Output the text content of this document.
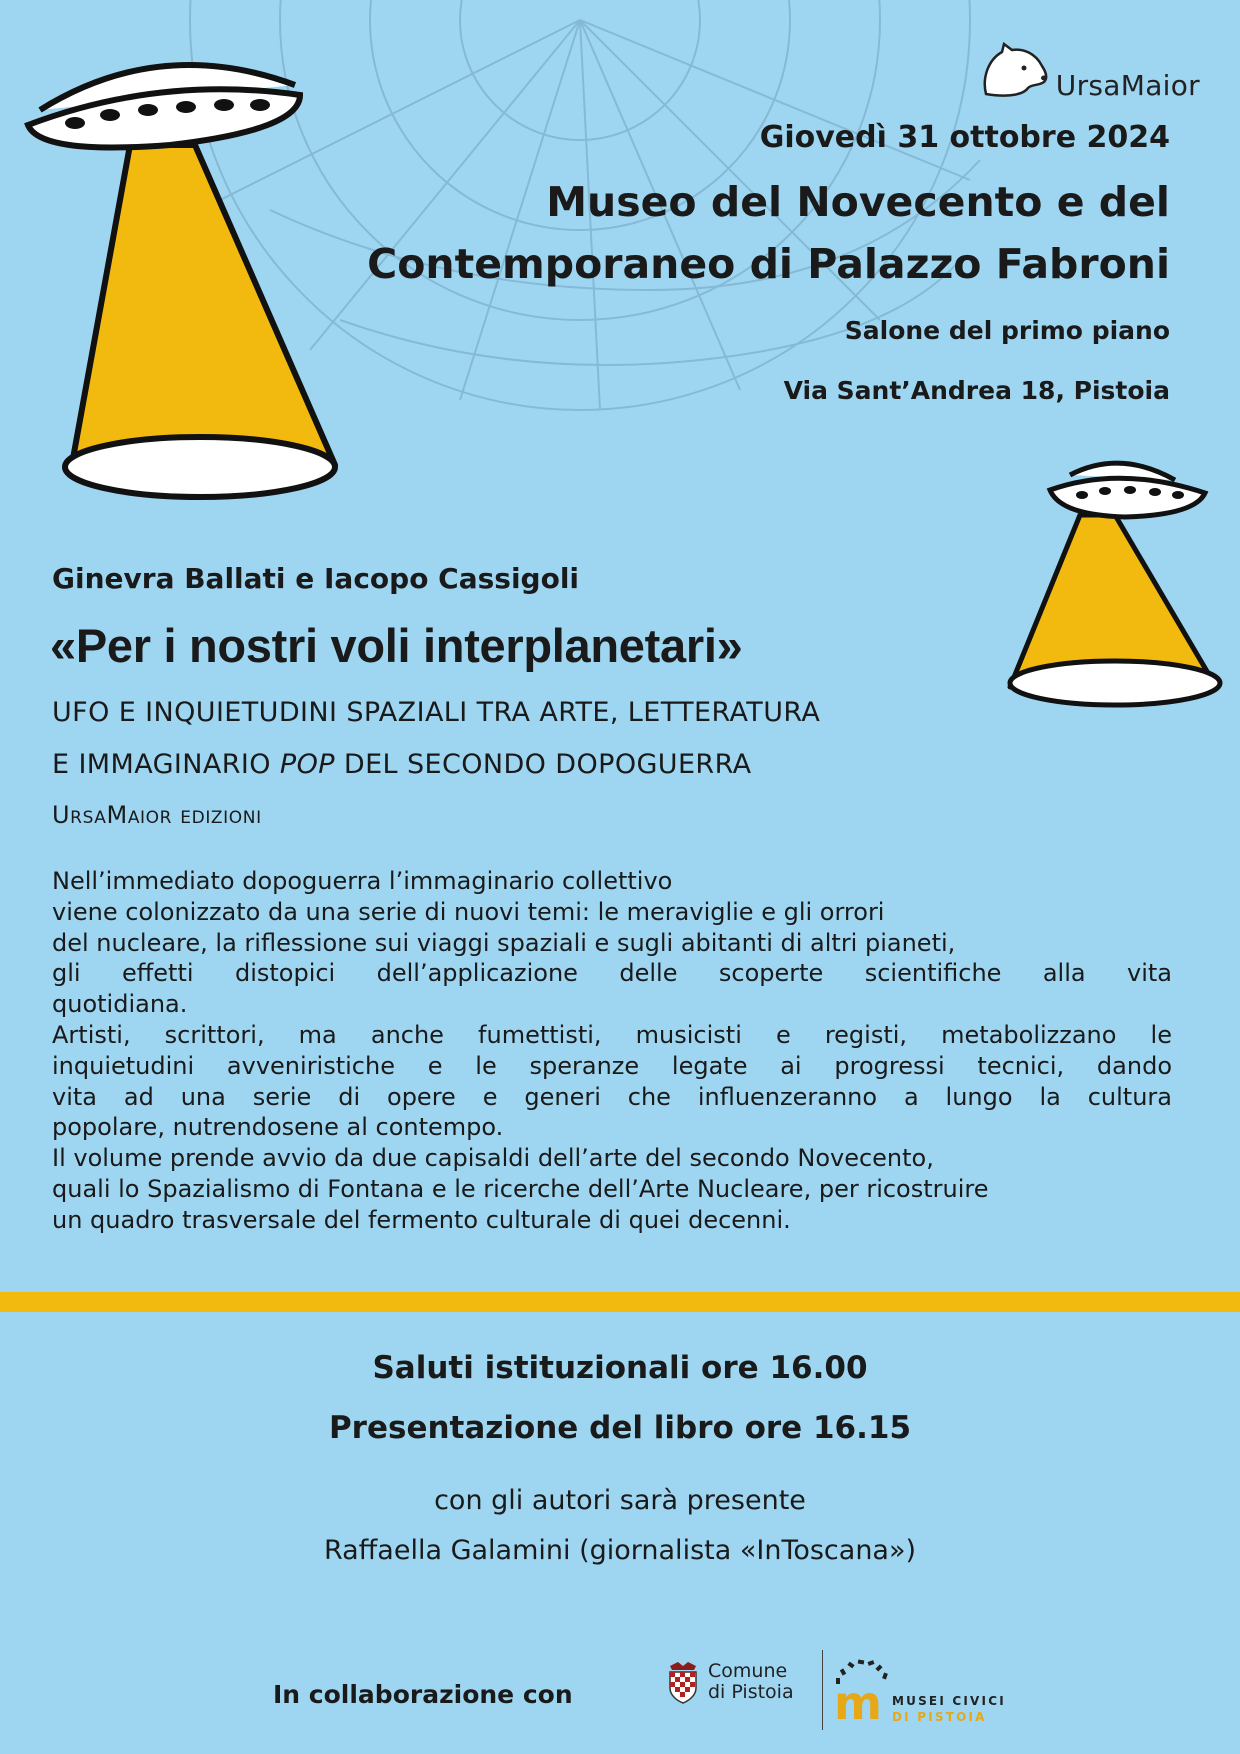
UrsaMaior
Giovedì 31 ottobre 2024
Museo del Novecento e del
Contemporaneo di Palazzo Fabroni
Salone del primo piano
Via Sant’Andrea 18, Pistoia
Ginevra Ballati e Iacopo Cassigoli
«Per i nostri voli interplanetari»
UFO E INQUIETUDINI SPAZIALI TRA ARTE, LETTERATURA
E IMMAGINARIO POP DEL SECONDO DOPOGUERRA
UrsaMaior edizioni

Nell’immediato dopoguerra l’immaginario collettivo

viene colonizzato da una serie di nuovi temi: le meraviglie e gli orrori

del nucleare, la riflessione sui viaggi spaziali e sugli abitanti di altri pianeti,

gli effetti distopici dell’applicazione delle scoperte scientifiche alla vita

quotidiana.

Artisti, scrittori, ma anche fumettisti, musicisti e registi, metabolizzano le

inquietudini avveniristiche e le speranze legate ai progressi tecnici, dando

vita ad una serie di opere e generi che influenzeranno a lungo la cultura

popolare, nutrendosene al contempo.

Il volume prende avvio da due capisaldi dell’arte del secondo Novecento,

quali lo Spazialismo di Fontana e le ricerche dell’Arte Nucleare, per ricostruire

un quadro trasversale del fermento culturale di quei decenni.

Saluti istituzionali ore 16.00
Presentazione del libro ore 16.15
con gli autori sarà presente
Raffaella Galamini (giornalista «InToscana»)
In collaborazione con
Comune
di Pistoia m MUSEI CIVICI
DI PISTOIA
